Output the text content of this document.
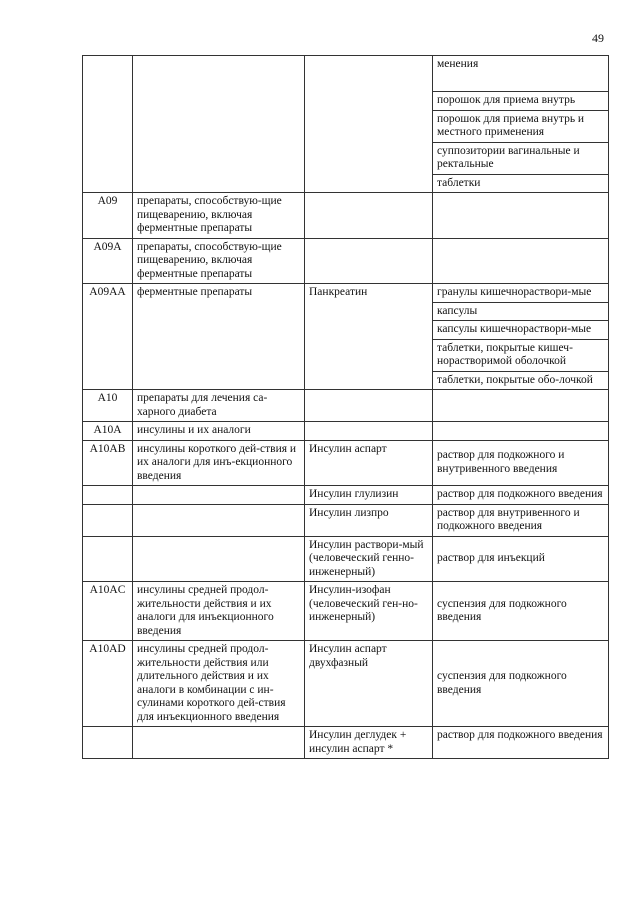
49
			менения
			порошок для приема внутрь
			порошок для приема внутрь и местного применения
			суппозитории вагинальные и ректальные
			таблетки
A09	препараты, способствую-щие пищеварению, включая ферментные препараты		
A09A	препараты, способствую-щие пищеварению, включая ферментные препараты		
A09AA	ферментные препараты	Панкреатин	гранулы кишечнораствори-мые
			капсулы
			капсулы кишечнораствори-мые
			таблетки, покрытые кишеч-норастворимой оболочкой
			таблетки, покрытые обо-лочкой
A10	препараты для лечения са-харного диабета		
A10A	инсулины и их аналоги		
A10AB	инсулины короткого дей-ствия и их аналоги для инъ-екционного введения	Инсулин аспарт	раствор для подкожного и внутривенного введения
		Инсулин глулизин	раствор для подкожного введения
		Инсулин лизпро	раствор для внутривенного и подкожного введения
		Инсулин раствори-мый (человеческий генно-инженерный)	раствор для инъекций
A10AC	инсулины средней продол-жительности действия и их аналоги для инъекционного введения	Инсулин-изофан (человеческий ген-но-инженерный)	суспензия для подкожного введения
A10AD	инсулины средней продол-жительности действия или длительного действия и их аналоги в комбинации с ин-сулинами короткого дей-ствия для инъекционного введения	Инсулин аспарт двухфазный	суспензия для подкожного введения
		Инсулин деглудек + инсулин аспарт *	раствор для подкожного введения
